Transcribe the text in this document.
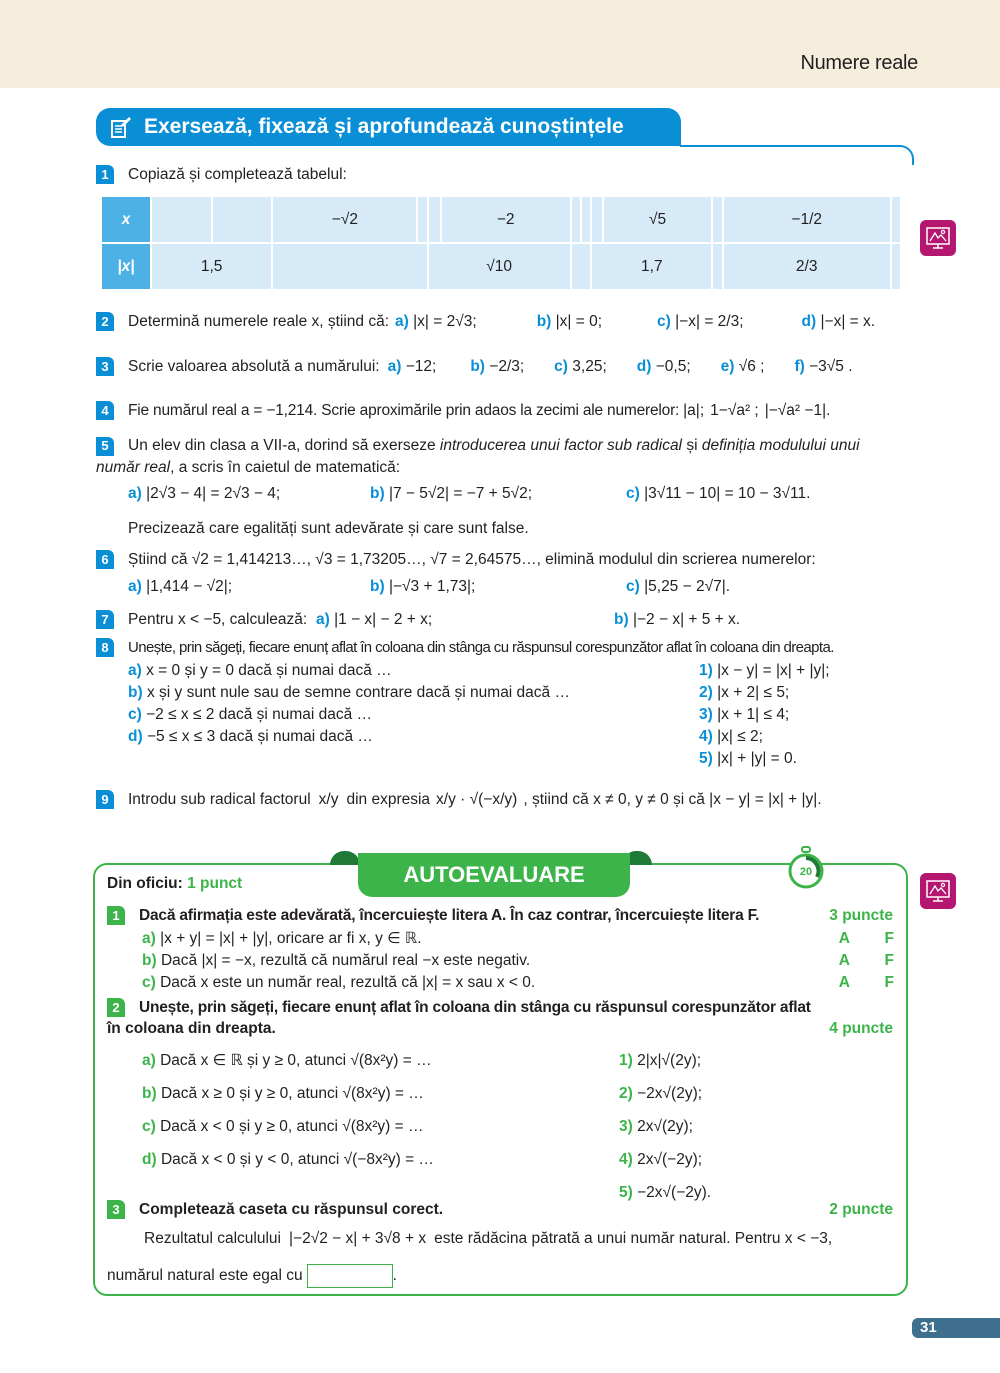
Numere reale
Exersează, fixează și aprofundează cunoștințele
1	Copiază și completează tabelul:
x			−√2			−2				√5		−1/2	
|x|	1,5				√10				1,7			2/3	
2	Determină numerele reale x, știind că: a) |x| = 2√3;	b) |x| = 0;	c) |−x| = 2/3;	d) |−x| = x.
3	Scrie valoarea absolută a numărului: a) −12; b) −2/3; c) 3,25; d) −0,5; e) √6 ; f) −3√5 .
4	Fie numărul real a = −1,214. Scrie aproximările prin adaos la zecimi ale numerelor: |a|; 1−√a² ; |−√a² −1|.
5 Un elev din clasa a VII-a, dorind să exerseze introducerea unui factor sub radical și definiția modulului unui
număr real, a scris în caietul de matematică:
a) |2√3 − 4| = 2√3 − 4;	b) |7 − 5√2| = −7 + 5√2;	c) |3√11 − 10| = 10 − 3√11.
Precizează care egalități sunt adevărate și care sunt false.
6	Știind că √2 = 1,414213…, √3 = 1,73205…, √7 = 2,64575…, elimină modulul din scrierea numerelor:
a) |1,414 − √2|;	b) |−√3 + 1,73|;	c) |5,25 − 2√7|.
7	Pentru x < −5, calculează: a) |1 − x| − 2 + x;	b) |−2 − x| + 5 + x.
8	Unește, prin săgeți, fiecare enunț aflat în coloana din stânga cu răspunsul corespunzător aflat în coloana din dreapta.
a) x = 0 și y = 0 dacă și numai dacă …
b) x și y sunt nule sau de semne contrare dacă și numai dacă …
c) −2 ≤ x ≤ 2 dacă și numai dacă …
d) −5 ≤ x ≤ 3 dacă și numai dacă …
1) |x − y| = |x| + |y|;
2) |x + 2| ≤ 5;
3) |x + 1| ≤ 4;
4) |x| ≤ 2;
5) |x| + |y| = 0.
9	Introdu sub radical factorul x/y din expresia x/y · √(−x/y) , știind că x ≠ 0, y ≠ 0 și că |x − y| = |x| + |y|.
AUTOEVALUARE	20
Din oficiu:
1 punct
1	Dacă afirmația este adevărată, încercuiește litera A. În caz contrar, încercuiește litera F.	3 puncte
a) |x + y| = |x| + |y|, oricare ar fi x, y ∈ ℝ.	A F
b) Dacă |x| = −x, rezultă că numărul real −x este negativ.	A F
c) Dacă x este un număr real, rezultă că |x| = x sau x < 0.	A F
2	Unește, prin săgeți, fiecare enunț aflat în coloana din stânga cu răspunsul corespunzător aflat
în coloana din dreapta.	4 puncte
a) Dacă x ∈ ℝ și y ≥ 0, atunci √(8x²y) = …
b) Dacă x ≥ 0 și y ≥ 0, atunci √(8x²y) = …
c) Dacă x < 0 și y ≥ 0, atunci √(8x²y) = …
d) Dacă x < 0 și y < 0, atunci √(−8x²y) = …
1) 2|x|√(2y);
2) −2x√(2y);
3) 2x√(2y);
4) 2x√(−2y);
5) −2x√(−2y).
3	Completează caseta cu răspunsul corect.	2 puncte
Rezultatul calculului |−2√2 − x| + 3√8 + x este rădăcina pătrată a unui număr natural. Pentru x < −3,
numărul natural este egal cu	.
31
